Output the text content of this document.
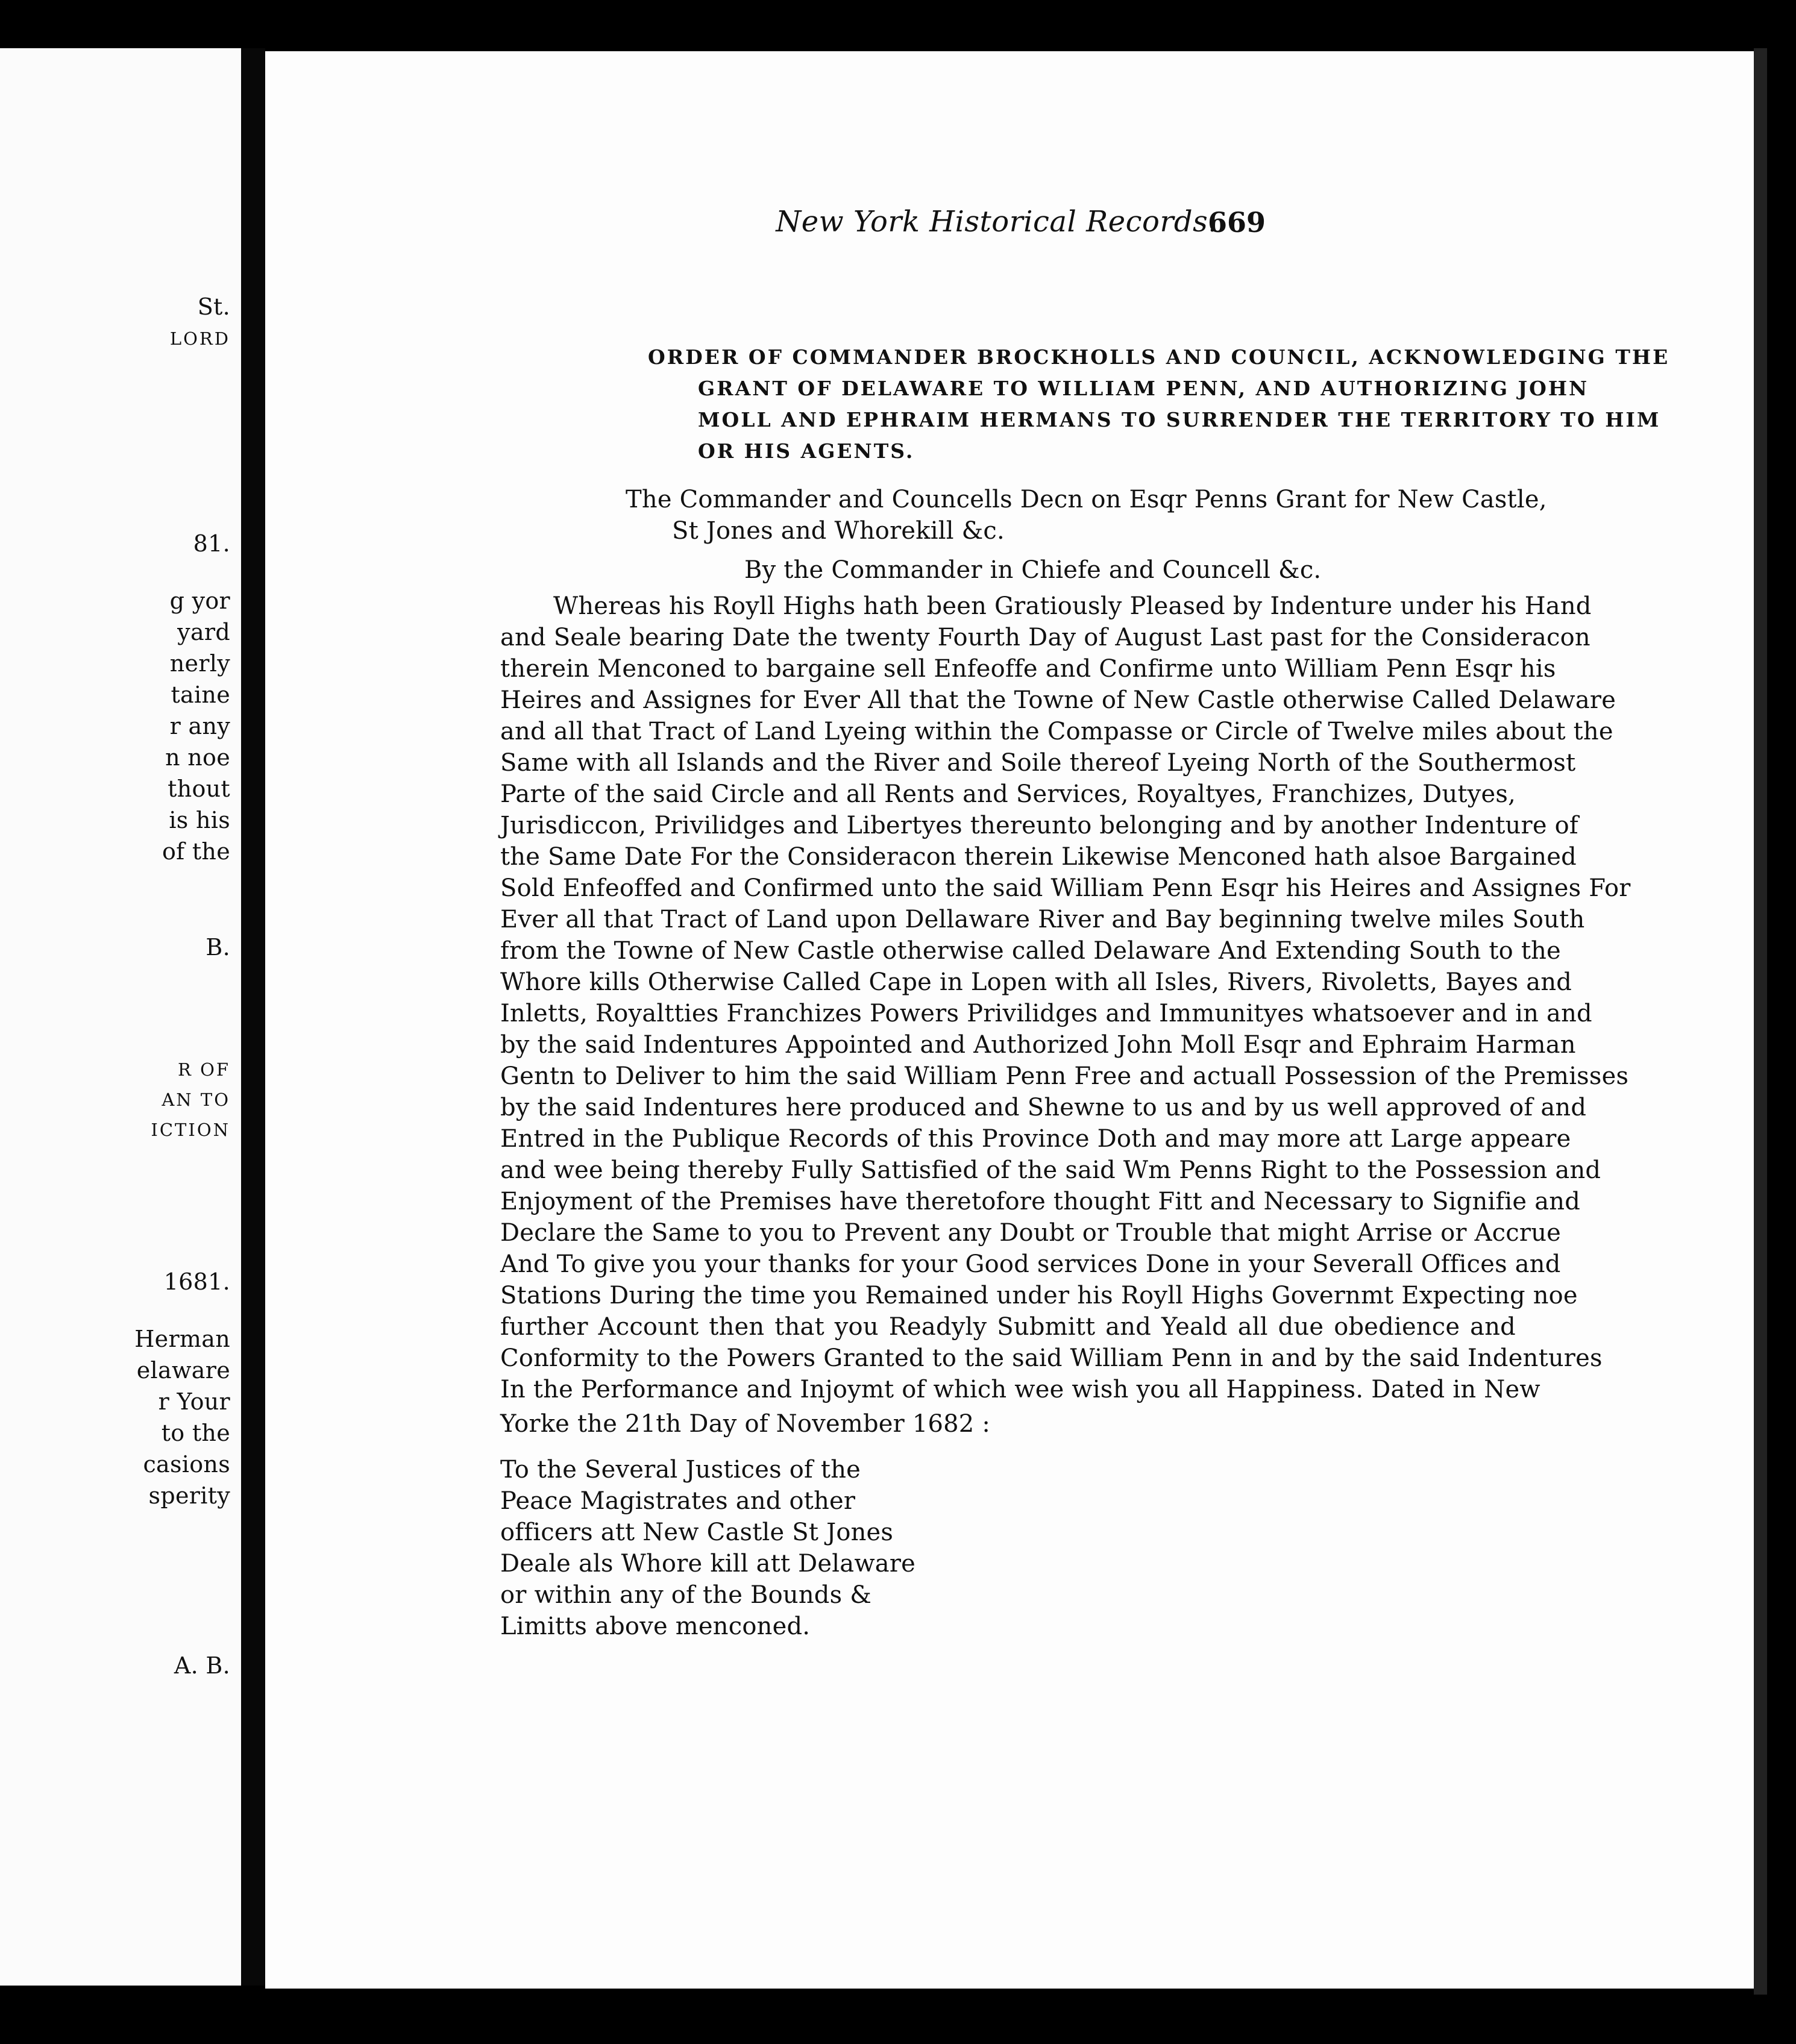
St.
LORD
81.
g yor
yard
nerly
taine
r any
n noe
thout
is his
of the
B.
R OF
AN TO
ICTION
1681.
Herman
elaware
r Your
to the
casions
sperity
A. B.
New York Historical Records.
669
ORDER OF COMMANDER BROCKHOLLS AND COUNCIL, ACKNOWLEDGING THE
GRANT OF DELAWARE TO WILLIAM PENN, AND AUTHORIZING JOHN
MOLL AND EPHRAIM HERMANS TO SURRENDER THE TERRITORY TO HIM
OR HIS AGENTS.
The Commander and Councells Decn on Esqr Penns Grant for New Castle,
St Jones and Whorekill &c.
By the Commander in Chiefe and Councell &c.
Whereas his Royll Highs hath been Gratiously Pleased by Indenture under his Hand
and Seale bearing Date the twenty Fourth Day of August Last past for the Consideracon
therein Menconed to bargaine sell Enfeoffe and Confirme unto William Penn Esqr his
Heires and Assignes for Ever All that the Towne of New Castle otherwise Called Delaware
and all that Tract of Land Lyeing within the Compasse or Circle of Twelve miles about the
Same with all Islands and the River and Soile thereof Lyeing North of the Southermost
Parte of the said Circle and all Rents and Services, Royaltyes, Franchizes, Dutyes,
Jurisdiccon, Privilidges and Libertyes thereunto belonging and by another Indenture of
the Same Date For the Consideracon therein Likewise Menconed hath alsoe Bargained
Sold Enfeoffed and Confirmed unto the said William Penn Esqr his Heires and Assignes For
Ever all that Tract of Land upon Dellaware River and Bay beginning twelve miles South
from the Towne of New Castle otherwise called Delaware And Extending South to the
Whore kills Otherwise Called Cape in Lopen with all Isles, Rivers, Rivoletts, Bayes and
Inletts, Royaltties Franchizes Powers Privilidges and Immunityes whatsoever and in and
by the said Indentures Appointed and Authorized John Moll Esqr and Ephraim Harman
Gentn to Deliver to him the said William Penn Free and actuall Possession of the Premisses
by the said Indentures here produced and Shewne to us and by us well approved of and
Entred in the Publique Records of this Province Doth and may more att Large appeare
and wee being thereby Fully Sattisfied of the said Wm Penns Right to the Possession and
Enjoyment of the Premises have theretofore thought Fitt and Necessary to Signifie and
Declare the Same to you to Prevent any Doubt or Trouble that might Arrise or Accrue
And To give you your thanks for your Good services Done in your Severall Offices and
Stations During the time you Remained under his Royll Highs Governmt Expecting noe
further Account then that you Readyly Submitt and Yeald all due obedience and
Conformity to the Powers Granted to the said William Penn in and by the said Indentures
In the Performance and Injoymt of which wee wish you all Happiness. Dated in New
Yorke the 21th Day of November 1682 :
To the Several Justices of the
Peace Magistrates and other
officers att New Castle St Jones
Deale als Whore kill att Delaware
or within any of the Bounds &
Limitts above menconed.
